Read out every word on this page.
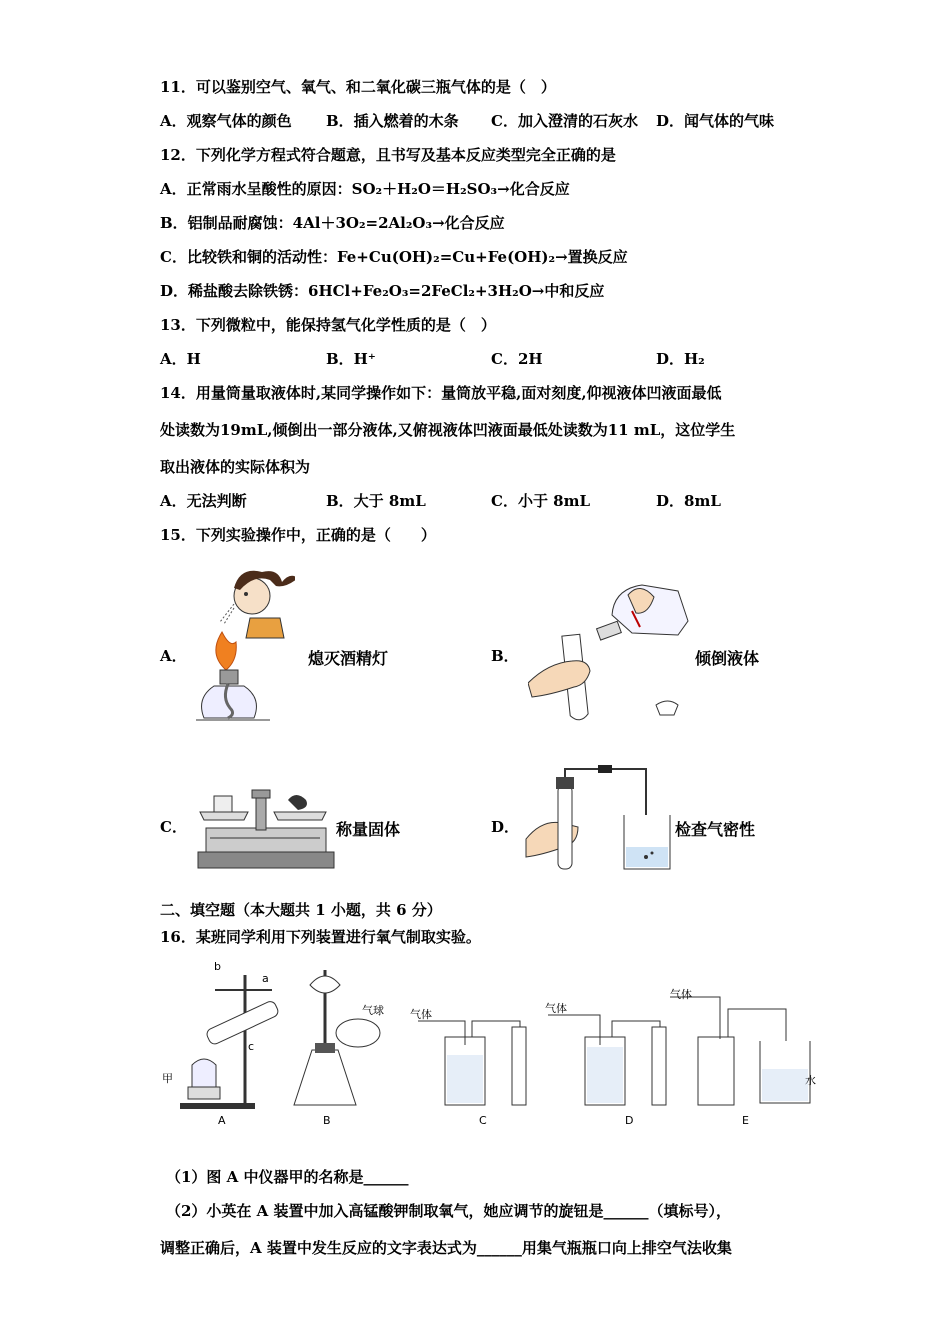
11．可以鉴别空气、氧气、和二氧化碳三瓶气体的是（　）
A．观察气体的颜色 B．插入燃着的木条 C．加入澄清的石灰水 D．闻气体的气味
12．下列化学方程式符合题意，且书写及基本反应类型完全正确的是
A．正常雨水呈酸性的原因：SO₂＋H₂O＝H₂SO₃→化合反应
B．铝制品耐腐蚀：4Al＋3O₂=2Al₂O₃→化合反应
C．比较铁和铜的活动性：Fe+Cu(OH)₂=Cu+Fe(OH)₂→置换反应
D．稀盐酸去除铁锈：6HCl+Fe₂O₃=2FeCl₂+3H₂O→中和反应
13．下列微粒中，能保持氢气化学性质的是（　）
A．H	B．H⁺	C．2H	D．H₂
14．用量筒量取液体时,某同学操作如下：量筒放平稳,面对刻度,仰视液体凹液面最低
处读数为19mL,倾倒出一部分液体,又俯视液体凹液面最低处读数为11 mL，这位学生
取出液体的实际体积为
A．无法判断	B．大于 8mL	C．小于 8mL	D．8mL
15．下列实验操作中，正确的是（　　）
A．	熄灭酒精灯	B．	倾倒液体
C．	称量固体	D．	检查气密性
二、填空题（本大题共 1 小题，共 6 分）
16．某班同学利用下列装置进行氧气制取实验。
b
a
c
甲
气球 气体	气体
气体
水
A	B	C	D	E
（1）图 A 中仪器甲的名称是______
（2）小英在 A 装置中加入高锰酸钾制取氧气，她应调节的旋钮是______（填标号），
调整正确后，A 装置中发生反应的文字表达式为______用集气瓶瓶口向上排空气法收集
